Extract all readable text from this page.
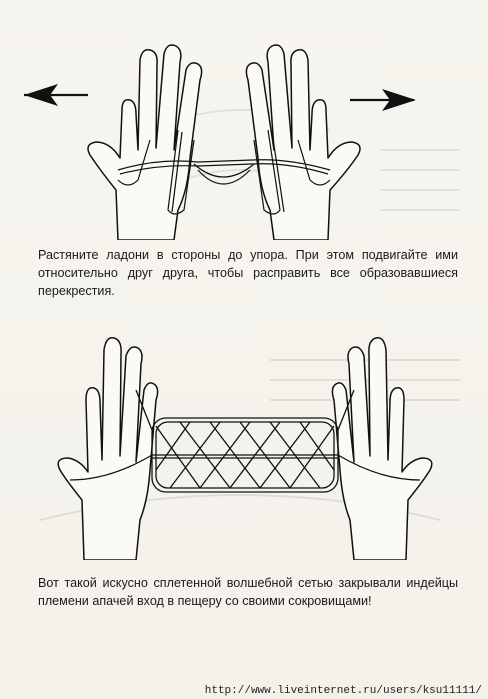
Растяните ладони в стороны до упора. При этом подвигайте ими относительно друг друга, чтобы расправить все образовавшиеся перекрестия.
Вот такой искусно сплетенной волшебной сетью закрывали индейцы племени апачей вход в пещеру со своими сокровищами!
http://www.liveinternet.ru/users/ksu11111/
